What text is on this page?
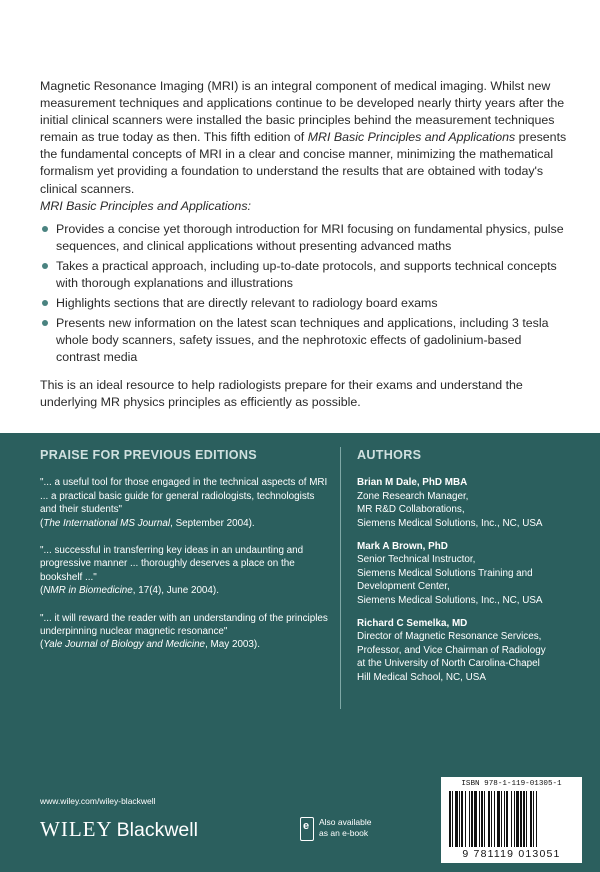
Magnetic Resonance Imaging (MRI) is an integral component of medical imaging. Whilst new measurement techniques and applications continue to be developed nearly thirty years after the initial clinical scanners were installed the basic principles behind the measurement techniques remain as true today as then. This fifth edition of MRI Basic Principles and Applications presents the fundamental concepts of MRI in a clear and concise manner, minimizing the mathematical formalism yet providing a foundation to understand the results that are obtained with today's clinical scanners.

MRI Basic Principles and Applications:

Provides a concise yet thorough introduction for MRI focusing on fundamental physics, pulse sequences, and clinical applications without presenting advanced maths
Takes a practical approach, including up-to-date protocols, and supports technical concepts with thorough explanations and illustrations
Highlights sections that are directly relevant to radiology board exams
Presents new information on the latest scan techniques and applications, including 3 tesla whole body scanners, safety issues, and the nephrotoxic effects of gadolinium-based contrast media

This is an ideal resource to help radiologists prepare for their exams and understand the underlying MR physics principles as efficiently as possible.

PRAISE FOR PREVIOUS EDITIONS

"... a useful tool for those engaged in the technical aspects of MRI ... a practical basic guide for general radiologists, technologists and their students"
(The International MS Journal, September 2004).

"... successful in transferring key ideas in an undaunting and progressive manner ... thoroughly deserves a place on the bookshelf ..."
(NMR in Biomedicine, 17(4), June 2004).

"... it will reward the reader with an understanding of the principles underpinning nuclear magnetic resonance"
(Yale Journal of Biology and Medicine, May 2003).

AUTHORS
Brian M Dale, PhD MBA
Zone Research Manager,
MR R&D Collaborations,
Siemens Medical Solutions, Inc., NC, USA
Mark A Brown, PhD
Senior Technical Instructor,
Siemens Medical Solutions Training and
Development Center,
Siemens Medical Solutions, Inc., NC, USA
Richard C Semelka, MD
Director of Magnetic Resonance Services,
Professor, and Vice Chairman of Radiology
at the University of North Carolina-Chapel
Hill Medical School, NC, USA
www.wiley.com/wiley-blackwell
WILEY Blackwell
e	Also available
as an e-book
ISBN 978-1-119-01305-1
9 781119 013051
